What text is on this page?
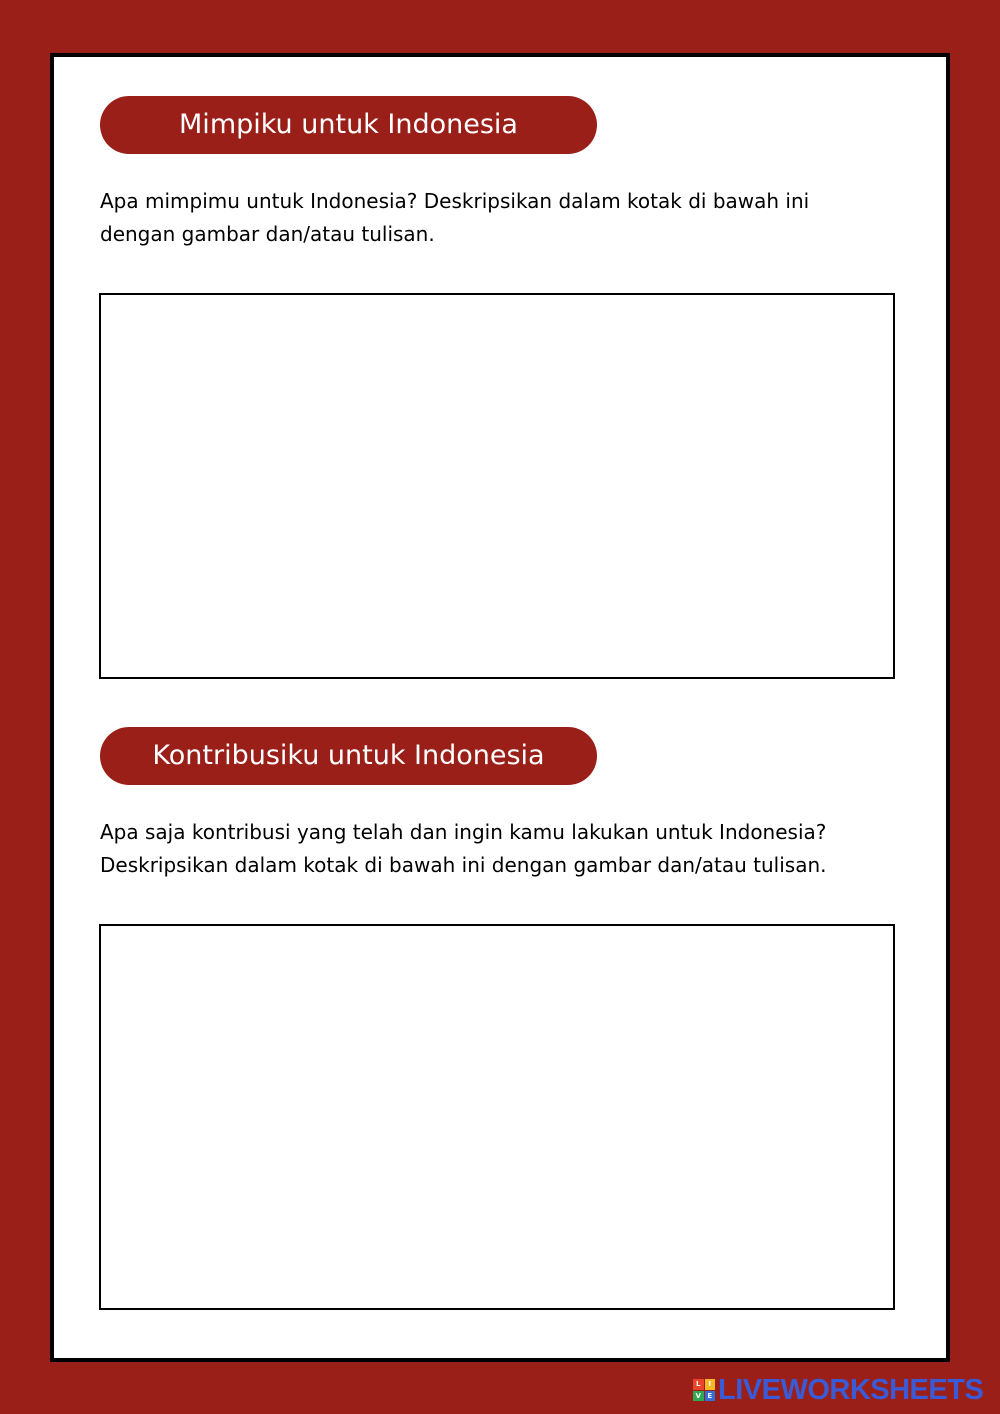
Mimpiku untuk Indonesia

Apa mimpimu untuk Indonesia? Deskripsikan dalam kotak di bawah ini
dengan gambar dan/atau tulisan.

Kontribusiku untuk Indonesia

Apa saja kontribusi yang telah dan ingin kamu lakukan untuk Indonesia?
Deskripsikan dalam kotak di bawah ini dengan gambar dan/atau tulisan.

L	I
V E LIVEWORKSHEETS
